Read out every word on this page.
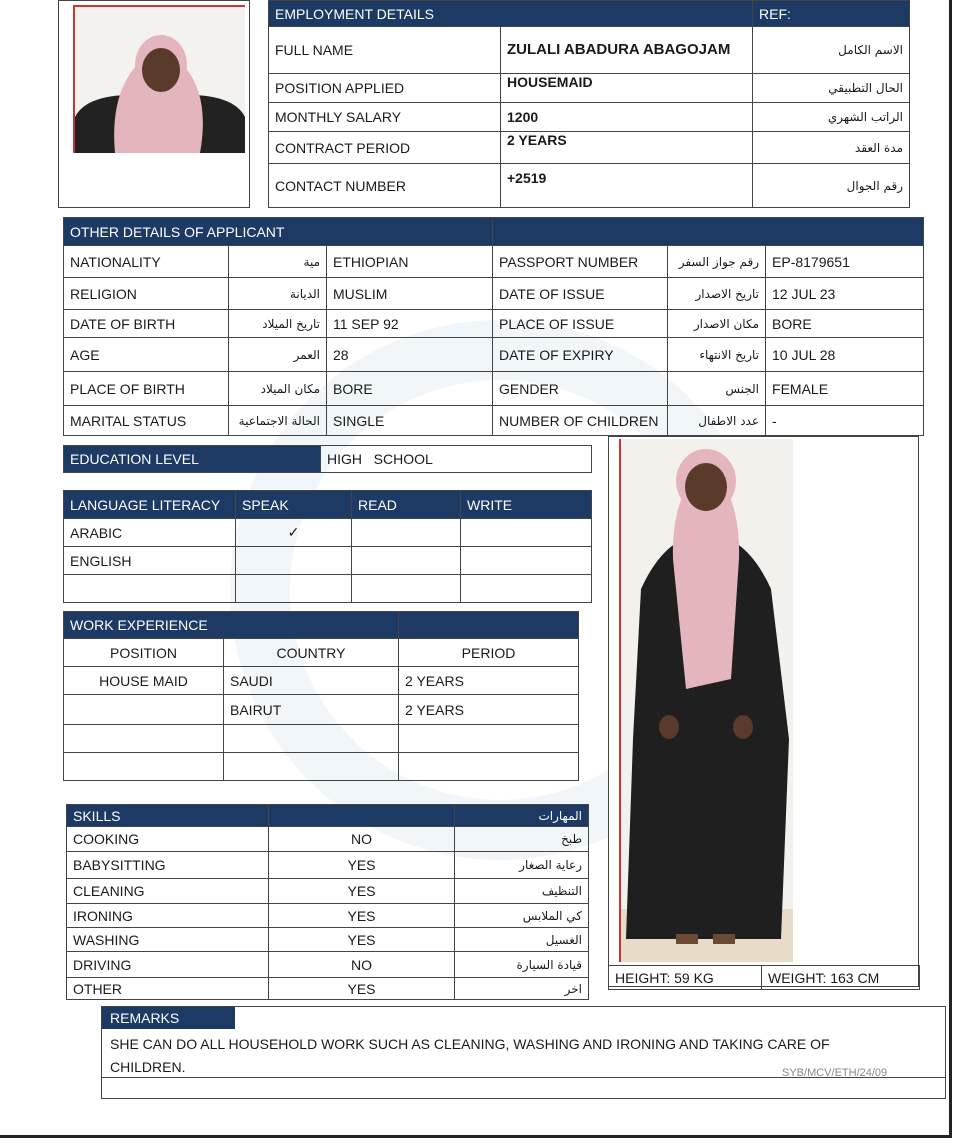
EMPLOYMENT DETAILS		REF:
FULL NAME	ZULALI ABADURA ABAGOJAM	الاسم الكامل
POSITION APPLIED	HOUSEMAID	الحال التطبيقي
MONTHLY SALARY	1200	الراتب الشهري
CONTRACT PERIOD	2 YEARS	مدة العقد
CONTACT NUMBER	+2519	رقم الجوال
OTHER DETAILS OF APPLICANT					
NATIONALITY	مية	ETHIOPIAN	PASSPORT NUMBER	رقم جواز السفر	EP-8179651
RELIGION	الديانة	MUSLIM	DATE OF ISSUE	تاريخ الاصدار	12 JUL 23
DATE OF BIRTH	تاريخ الميلاد	11 SEP 92	PLACE OF ISSUE	مكان الاصدار	BORE
AGE	العمر	28	DATE OF EXPIRY	تاريخ الانتهاء	10 JUL 28
PLACE OF BIRTH	مكان الميلاد	BORE	GENDER	الجنس	FEMALE
MARITAL STATUS	الحالة الاجتماعية	SINGLE	NUMBER OF CHILDREN	عدد الاطفال	-
EDUCATION LEVEL	HIGH   SCHOOL
LANGUAGE LITERACY	SPEAK	READ	WRITE
ARABIC	✓		
ENGLISH			

WORK EXPERIENCE		
POSITION	COUNTRY	PERIOD
HOUSE MAID	SAUDI	2 YEARS
	BAIRUT	2 YEARS

SKILLS		المهارات
COOKING	NO	طبخ
BABYSITTING	YES	رعاية الصغار
CLEANING	YES	التنظيف
IRONING	YES	كي الملابس
WASHING	YES	الغسيل
DRIVING	NO	قيادة السيارة
OTHER	YES	اخر
HEIGHT: 59 KG	WEIGHT: 163 CM
REMARKS
SHE CAN DO ALL HOUSEHOLD WORK SUCH AS CLEANING, WASHING AND IRONING AND TAKING CARE OF CHILDREN.	SYB/MCV/ETH/24/09
